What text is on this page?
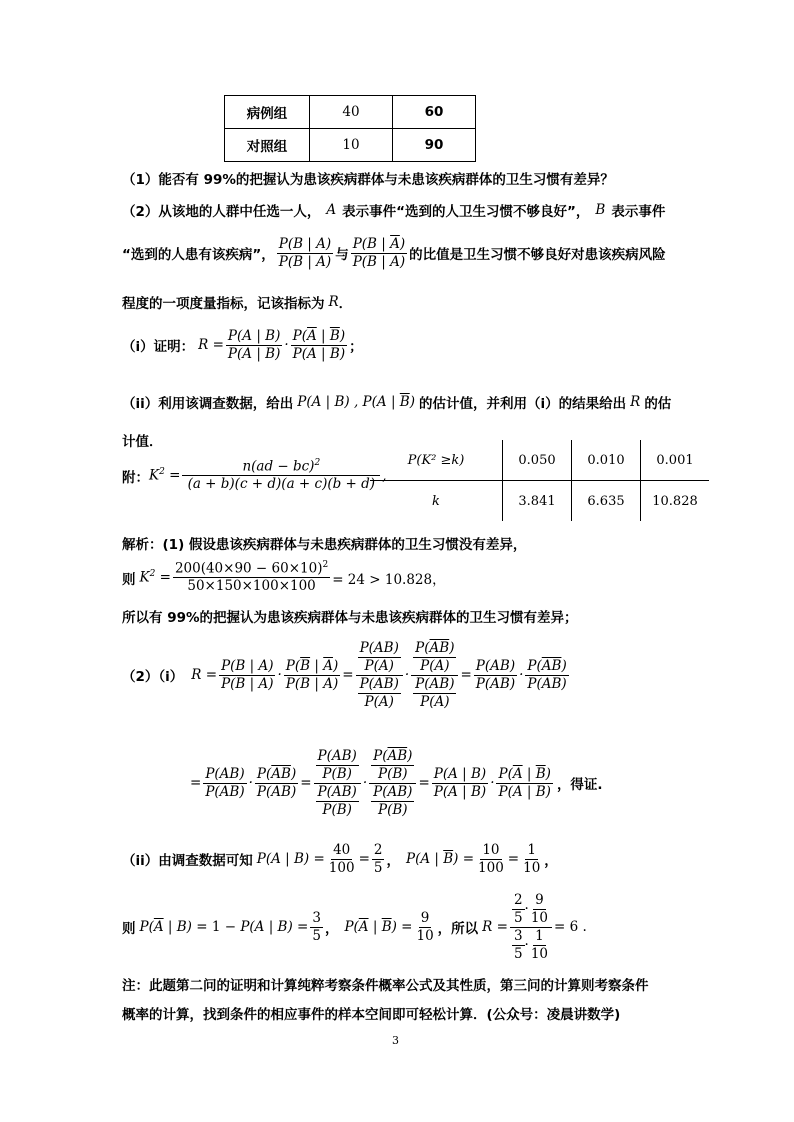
病例组	40	60
对照组	10	90
（1）能否有 99%的把握认为患该疾病群体与未患该疾病群体的卫生习惯有差异？
（2）从该地的人群中任选一人， A 表示事件“选到的人卫生习惯不够良好”， B 表示事件
“选到的人患有该疾病”， $\frac{P(B | A)}{P(\overline{B} | A)}$ 与 $\frac{P(B | \overline{A})}{P(\overline{B} | \overline{A})}$ 的比值是卫生习惯不够良好对患该疾病风险
程度的一项度量指标，记该指标为 R ．
（i）证明： $R = \frac{P(A | B)}{P(\overline{A} | B)} \cdot \frac{P(\overline{A} | \overline{B})}{P(A | \overline{B})}$ ；
（ii）利用该调查数据，给出 P(A | B) , P(A | $\overline{B}$) 的估计值，并利用（i）的结果给出 R 的估
计值．
附： $K^2 = \frac{n(ad - bc)^2}{(a + b)(c + d)(a + c)(b + d)}$ ,
P(K² ≥k)	0.050	0.010	0.001
k	3.841	6.635	10.828
解析：(1) 假设患该疾病群体与未患疾病群体的卫生习惯没有差异，
则 $K^2 = \frac{200(40\times 90 - 60\times 10)^2}{50\times 150\times 100\times 100} = 24 > 10.828$，
所以有 99%的把握认为患该疾病群体与未患该疾病群体的卫生习惯有差异；
（2）（i） $R = \frac{P(B | A)}{P(\overline{B} | A)} \cdot \frac{P(\overline{B} | \overline{A})}{P(B | \overline{A})} = \frac{\frac{P(AB)}{P(A)}}{\frac{P(A\overline{B})}{P(A)}} \cdot \frac{\frac{P(\overline{AB})}{P(\overline{A})}}{\frac{P(\overline{A}B)}{P(\overline{A})}} = \frac{P(AB)}{P(A\overline{B})} \cdot \frac{P(\overline{AB})}{P(\overline{A}B)}$
= $\frac{P(AB)}{P(\overline{A}B)} \cdot \frac{P(\overline{AB})}{P(A\overline{B})} = \frac{\frac{P(AB)}{P(B)}}{\frac{P(\overline{A}B)}{P(B)}} \cdot \frac{\frac{P(\overline{AB})}{P(\overline{B})}}{\frac{P(A\overline{B})}{P(\overline{B})}} = \frac{P(A | B)}{P(\overline{A} | B)} \cdot \frac{P(\overline{A} | \overline{B})}{P(A | \overline{B})}$ ，得证.
（ii）由调查数据可知 P(A | $B) = \frac{40}{100} = \frac{2}{5}$ ， P(A | $\overline{B}) = \frac{10}{100} = \frac{1}{10}$ ，
则 $P(\overline{A}$ | B) = 1 − P(A | $B) = \frac{3}{5}$ ， $P(\overline{A}$ | $\overline{B}) = \frac{9}{10}$ ，所以 $R = \frac{\frac{2}{5} \cdot \frac{9}{10}}{\frac{3}{5} \cdot \frac{1}{10}} = 6$ .
注：此题第二问的证明和计算纯粹考察条件概率公式及其性质，第三问的计算则考察条件
概率的计算，找到条件的相应事件的样本空间即可轻松计算．(公众号：凌晨讲数学)
3
